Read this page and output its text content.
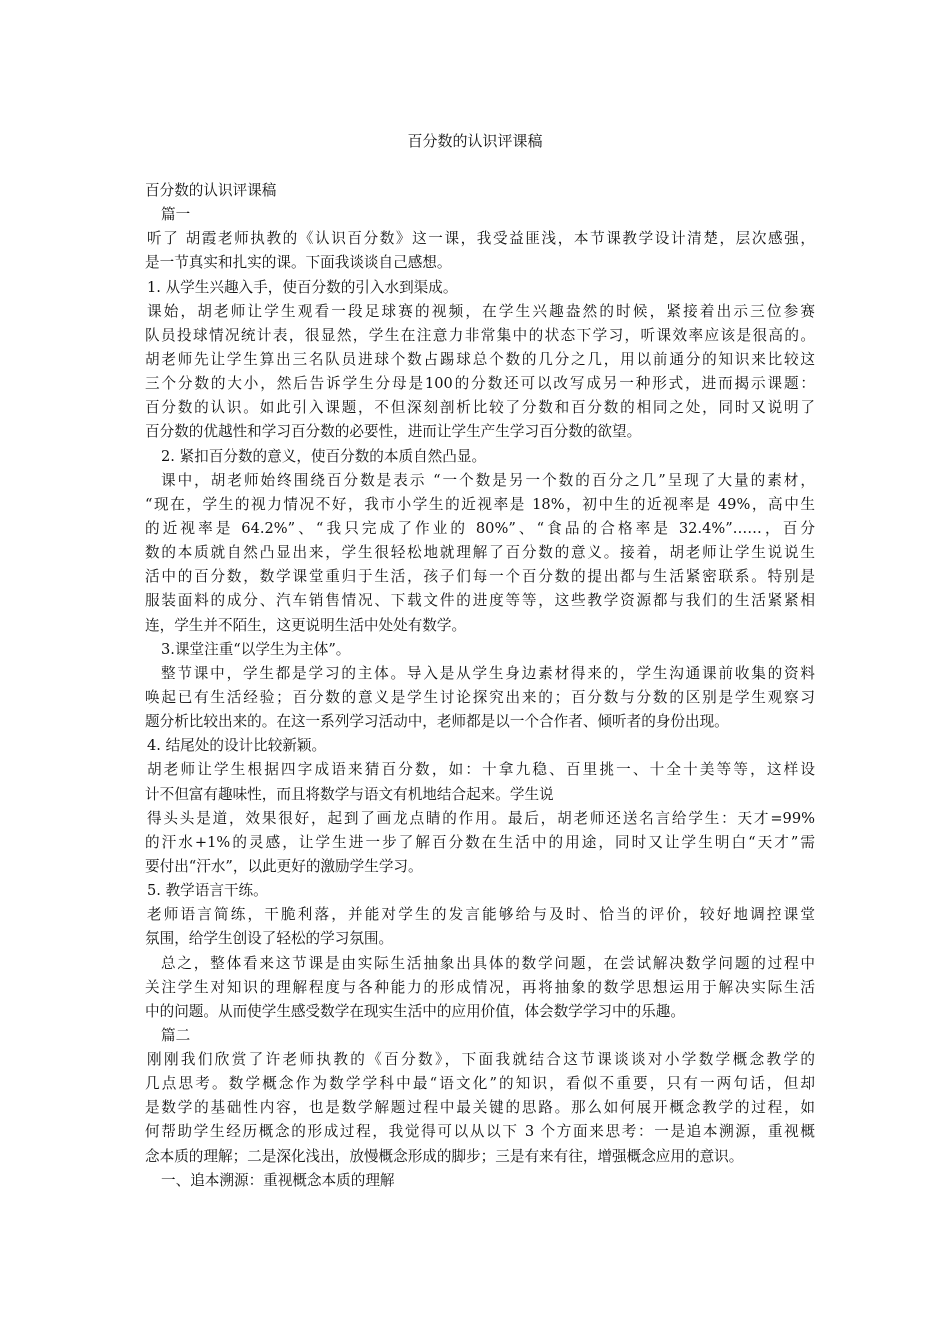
百分数的认识评课稿
百分数的认识评课稿
篇一
听了 胡霞老师执教的《认识百分数》这一课，我受益匪浅，本节课教学设计清楚，层次感强，
是一节真实和扎实的课。下面我谈谈自己感想。
1. 从学生兴趣入手，使百分数的引入水到渠成。
课始，胡老师让学生观看一段足球赛的视频，在学生兴趣盎然的时候，紧接着出示三位参赛
队员投球情况统计表，很显然，学生在注意力非常集中的状态下学习，听课效率应该是很高的。
胡老师先让学生算出三名队员进球个数占踢球总个数的几分之几，用以前通分的知识来比较这
三个分数的大小，然后告诉学生分母是100的分数还可以改写成另一种形式，进而揭示课题：
百分数的认识。如此引入课题，不但深刻剖析比较了分数和百分数的相同之处，同时又说明了
百分数的优越性和学习百分数的必要性，进而让学生产生学习百分数的欲望。
2. 紧扣百分数的意义，使百分数的本质自然凸显。
课中，胡老师始终围绕百分数是表示 “一个数是另一个数的百分之几”呈现了大量的素材，
“现在，学生的视力情况不好，我市小学生的近视率是 18%，初中生的近视率是 49%，高中生
的近视率是 64.2%”、“我只完成了作业的 80%”、“食品的合格率是 32.4%”……，百分
数的本质就自然凸显出来，学生很轻松地就理解了百分数的意义。接着，胡老师让学生说说生
活中的百分数，数学课堂重归于生活，孩子们每一个百分数的提出都与生活紧密联系。特别是
服装面料的成分、汽车销售情况、下载文件的进度等等，这些教学资源都与我们的生活紧紧相
连，学生并不陌生，这更说明生活中处处有数学。
3.课堂注重“以学生为主体”。
整节课中，学生都是学习的主体。导入是从学生身边素材得来的，学生沟通课前收集的资料
唤起已有生活经验；百分数的意义是学生讨论探究出来的；百分数与分数的区别是学生观察习
题分析比较出来的。在这一系列学习活动中，老师都是以一个合作者、倾听者的身份出现。
4. 结尾处的设计比较新颖。
胡老师让学生根据四字成语来猜百分数，如：十拿九稳、百里挑一、十全十美等等，这样设
计不但富有趣味性，而且将数学与语文有机地结合起来。学生说
得头头是道，效果很好，起到了画龙点睛的作用。最后，胡老师还送名言给学生：天才=99%
的汗水+1%的灵感，让学生进一步了解百分数在生活中的用途，同时又让学生明白“天才”需
要付出“汗水”，以此更好的激励学生学习。
5. 教学语言干练。
老师语言简练，干脆利落，并能对学生的发言能够给与及时、恰当的评价，较好地调控课堂
氛围，给学生创设了轻松的学习氛围。
总之，整体看来这节课是由实际生活抽象出具体的数学问题，在尝试解决数学问题的过程中
关注学生对知识的理解程度与各种能力的形成情况，再将抽象的数学思想运用于解决实际生活
中的问题。从而使学生感受数学在现实生活中的应用价值，体会数学学习中的乐趣。
篇二
刚刚我们欣赏了许老师执教的《百分数》，下面我就结合这节课谈谈对小学数学概念教学的
几点思考。数学概念作为数学学科中最“语文化”的知识，看似不重要，只有一两句话，但却
是数学的基础性内容，也是数学解题过程中最关键的思路。那么如何展开概念教学的过程，如
何帮助学生经历概念的形成过程，我觉得可以从以下 3 个方面来思考：一是追本溯源，重视概
念本质的理解；二是深化浅出，放慢概念形成的脚步；三是有来有往，增强概念应用的意识。
一、追本溯源：重视概念本质的理解
